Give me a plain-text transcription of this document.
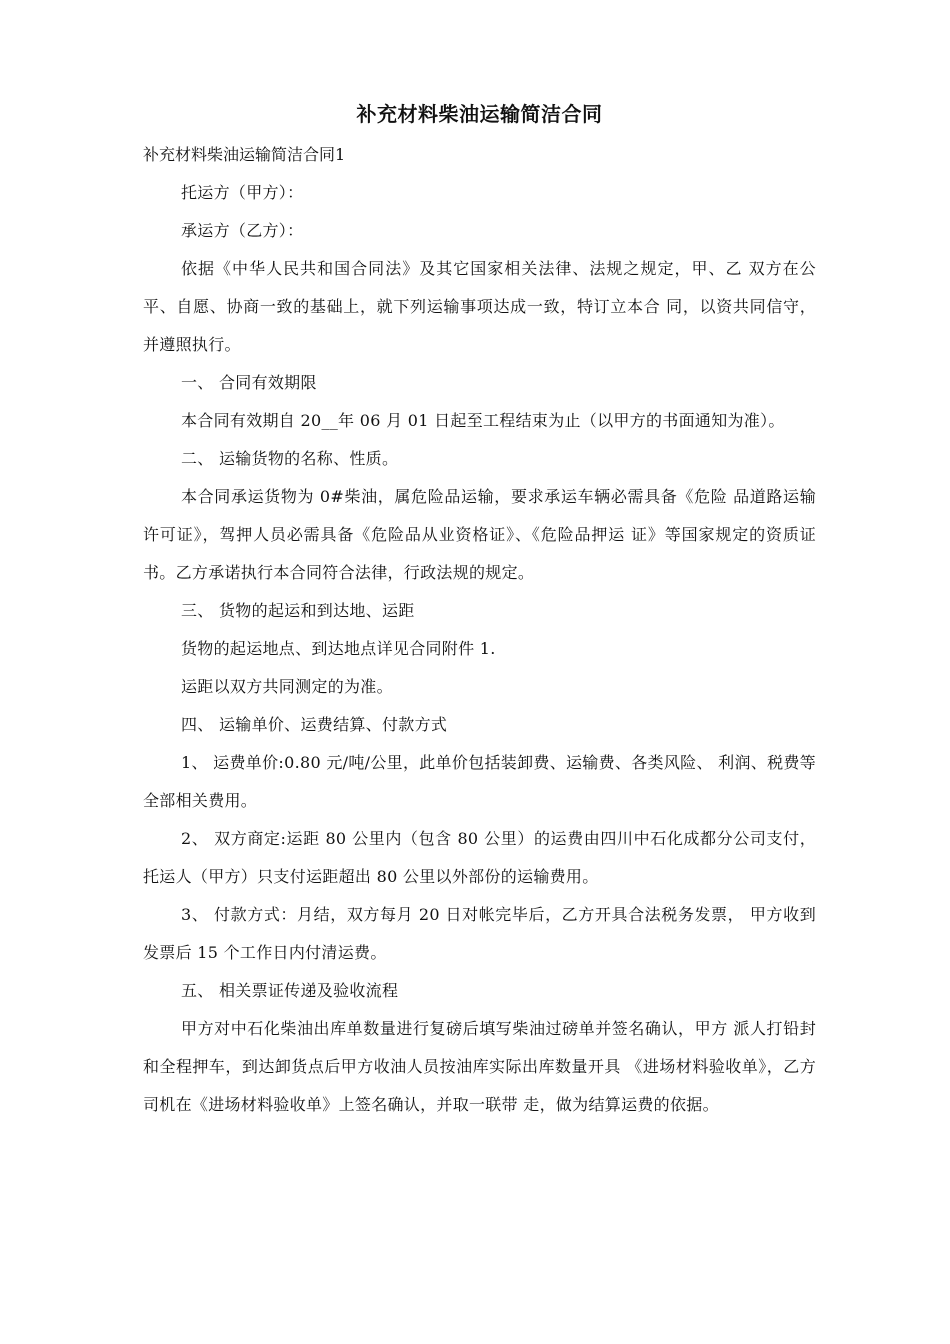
补充材料柴油运输简洁合同

补充材料柴油运输简洁合同1

托运方（甲方）：

承运方（乙方）：

依据《中华人民共和国合同法》及其它国家相关法律、法规之规定，甲、乙 双方在公平、自愿、协商一致的基础上，就下列运输事项达成一致，特订立本合 同，以资共同信守，并遵照执行。

一、 合同有效期限

本合同有效期自 20__年 06 月 01 日起至工程结束为止（以甲方的书面通知为准）。

二、 运输货物的名称、性质。

本合同承运货物为 0#柴油，属危险品运输，要求承运车辆必需具备《危险 品道路运输许可证》，驾押人员必需具备《危险品从业资格证》、《危险品押运 证》等国家规定的资质证书。乙方承诺执行本合同符合法律，行政法规的规定。

三、 货物的起运和到达地、运距

货物的起运地点、到达地点详见合同附件 1.

运距以双方共同测定的为准。

四、 运输单价、运费结算、付款方式

1、 运费单价:0.80 元/吨/公里，此单价包括装卸费、运输费、各类风险、 利润、税费等全部相关费用。

2、 双方商定:运距 80 公里内（包含 80 公里）的运费由四川中石化成都分公司支付，托运人（甲方）只支付运距超出 80 公里以外部份的运输费用。

3、 付款方式：月结，双方每月 20 日对帐完毕后，乙方开具合法税务发票， 甲方收到发票后 15 个工作日内付清运费。

五、 相关票证传递及验收流程

甲方对中石化柴油出库单数量进行复磅后填写柴油过磅单并签名确认，甲方 派人打铅封和全程押车，到达卸货点后甲方收油人员按油库实际出库数量开具 《进场材料验收单》，乙方司机在《进场材料验收单》上签名确认，并取一联带 走，做为结算运费的依据。
